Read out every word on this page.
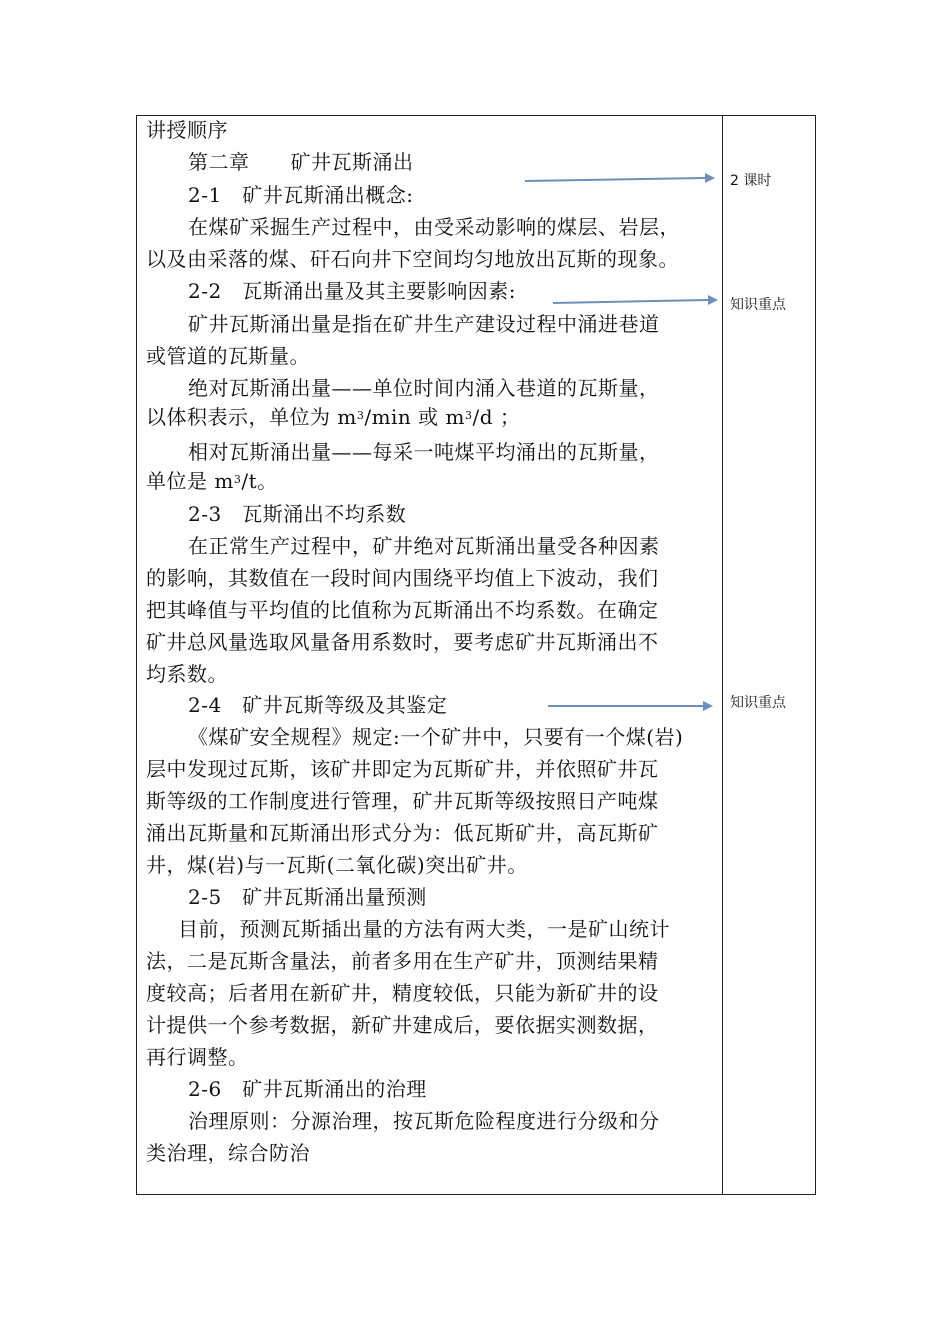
讲授顺序
第二章　　矿井瓦斯涌出
2-1　矿井瓦斯涌出概念:
在煤矿采掘生产过程中，由受采动影响的煤层、岩层，
以及由采落的煤、矸石向井下空间均匀地放出瓦斯的现象。
2-2　瓦斯涌出量及其主要影响因素:
矿井瓦斯涌出量是指在矿井生产建设过程中涌进巷道
或管道的瓦斯量。
绝对瓦斯涌出量——单位时间内涌入巷道的瓦斯量，
以体积表示，单位为 $m^3/\min$ 或 $m^3/d$ ；
相对瓦斯涌出量——每采一吨煤平均涌出的瓦斯量，
单位是 $m^3/t$。
2-3　瓦斯涌出不均系数
在正常生产过程中，矿井绝对瓦斯涌出量受各种因素
的影响，其数值在一段时间内围绕平均值上下波动，我们
把其峰值与平均值的比值称为瓦斯涌出不均系数。在确定
矿井总风量选取风量备用系数时，要考虑矿井瓦斯涌出不
均系数。
2-4　矿井瓦斯等级及其鉴定
《煤矿安全规程》规定:一个矿井中，只要有一个煤(岩)
层中发现过瓦斯，该矿井即定为瓦斯矿井，并依照矿井瓦
斯等级的工作制度进行管理，矿井瓦斯等级按照日产吨煤
涌出瓦斯量和瓦斯涌出形式分为：低瓦斯矿井，高瓦斯矿
井，煤(岩)与一瓦斯(二氧化碳)突出矿井。
2-5　矿井瓦斯涌出量预测
目前，预测瓦斯插出量的方法有两大类，一是矿山统计
法，二是瓦斯含量法，前者多用在生产矿井，顶测结果精
度较高；后者用在新矿井，精度较低，只能为新矿井的设
计提供一个参考数据，新矿井建成后，要依据实测数据，
再行调整。
2-6　矿井瓦斯涌出的治理
治理原则：分源治理，按瓦斯危险程度进行分级和分
类治理，综合防治
2 课时
知识重点
知识重点
